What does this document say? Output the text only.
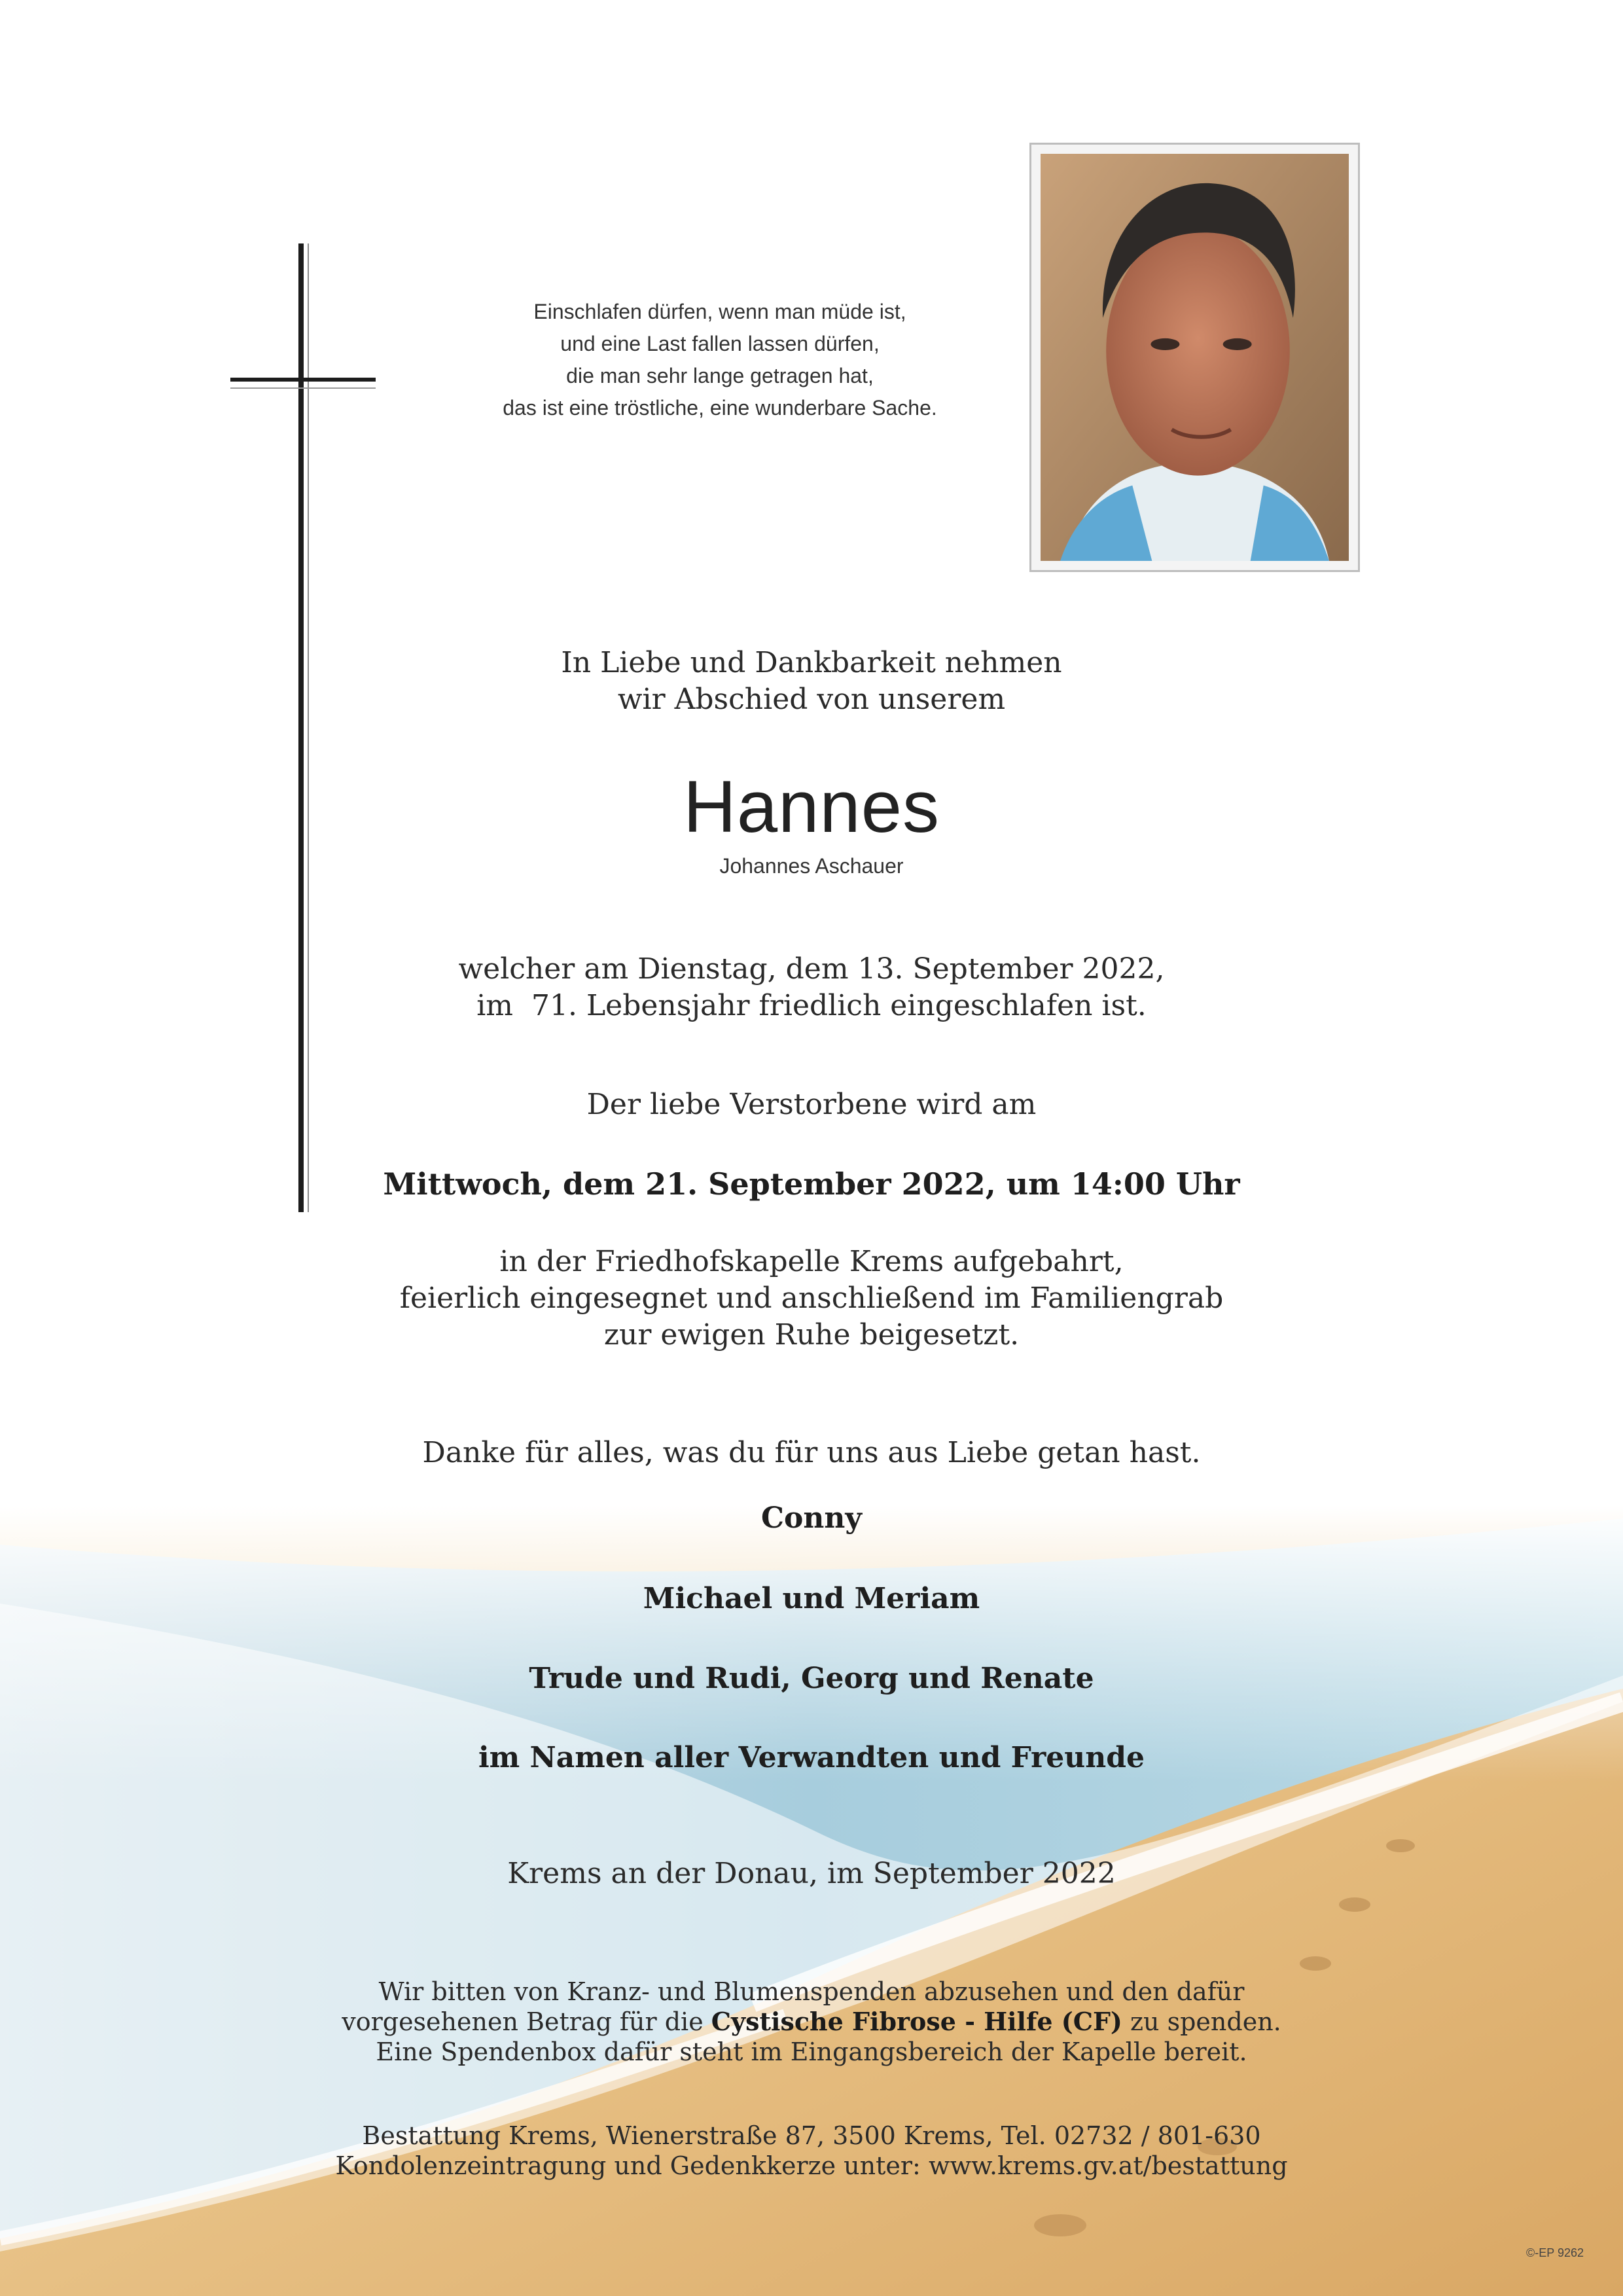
Einschlafen dürfen, wenn man müde ist,
und eine Last fallen lassen dürfen,
die man sehr lange getragen hat,
das ist eine tröstliche, eine wunderbare Sache.
In Liebe und Dankbarkeit nehmen
wir Abschied von unserem
Hannes
Johannes Aschauer
welcher am Dienstag, dem 13. September 2022,
im  71. Lebensjahr friedlich eingeschlafen ist.
Der liebe Verstorbene wird am
Mittwoch, dem 21. September 2022, um 14:00 Uhr
in der Friedhofskapelle Krems aufgebahrt,
feierlich eingesegnet und anschließend im Familiengrab
zur ewigen Ruhe beigesetzt.
Danke für alles, was du für uns aus Liebe getan hast.
Conny
Michael und Meriam
Trude und Rudi, Georg und Renate
im Namen aller Verwandten und Freunde
Krems an der Donau, im September 2022
Wir bitten von Kranz- und Blumenspenden abzusehen und den dafür
vorgesehenen Betrag für die Cystische Fibrose - Hilfe (CF) zu spenden.
Eine Spendenbox dafür steht im Eingangsbereich der Kapelle bereit.
Bestattung Krems, Wienerstraße 87, 3500 Krems, Tel. 02732 / 801-630
Kondolenzeintragung und Gedenkkerze unter: www.krems.gv.at/bestattung
©-EP 9262
